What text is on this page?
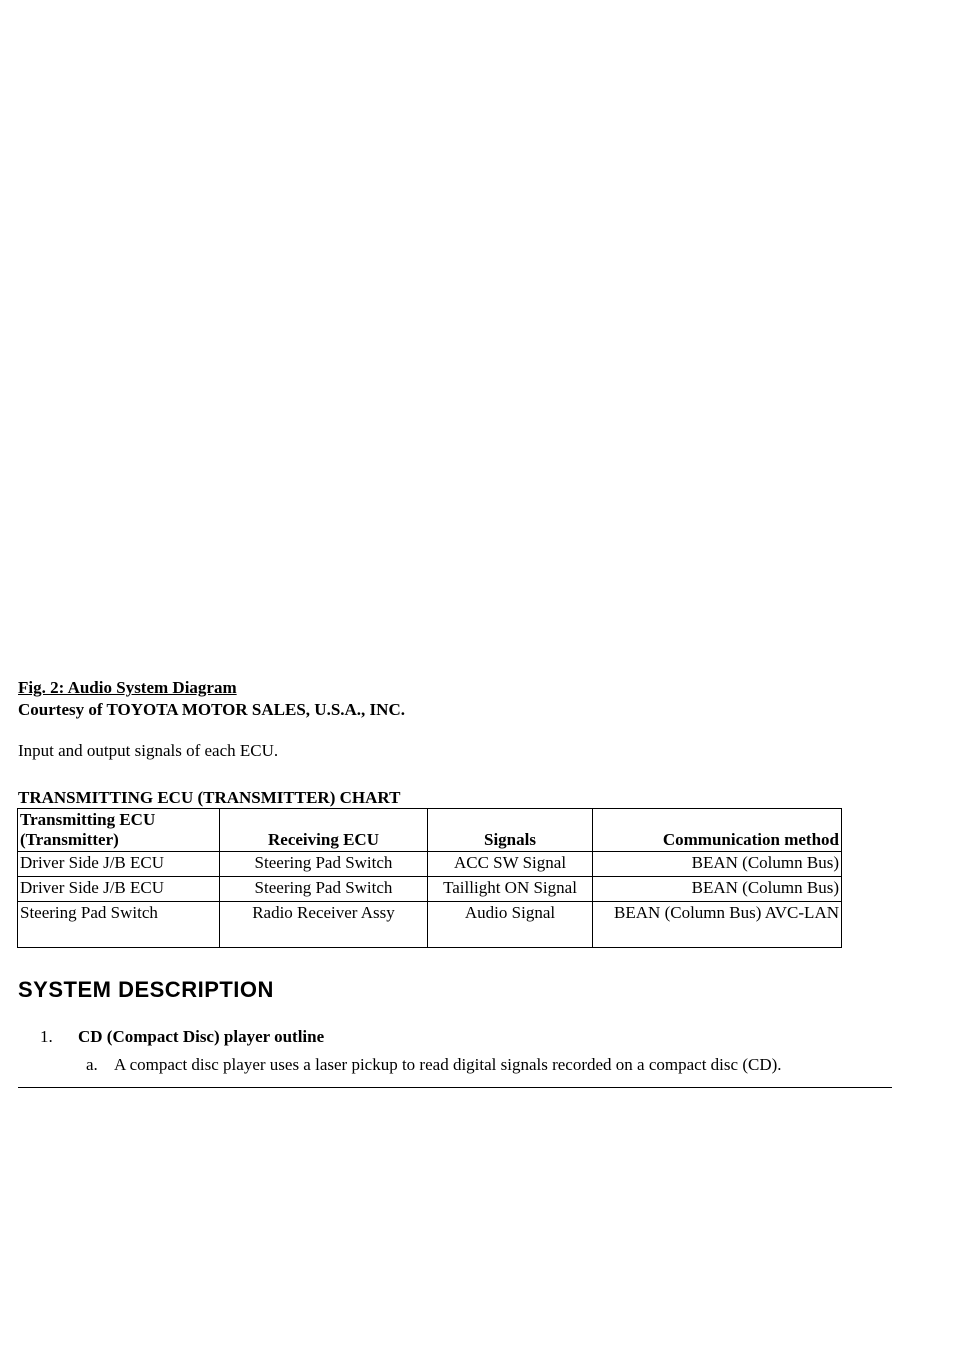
Fig. 2: Audio System Diagram
Courtesy of TOYOTA MOTOR SALES, U.S.A., INC.
Input and output signals of each ECU.
TRANSMITTING ECU (TRANSMITTER) CHART
Transmitting ECU
(Transmitter)	Receiving ECU	Signals	Communication method
Driver Side J/B ECU	Steering Pad Switch	ACC SW Signal	BEAN (Column Bus)
Driver Side J/B ECU	Steering Pad Switch	Taillight ON Signal	BEAN (Column Bus)
Steering Pad Switch	Radio Receiver Assy	Audio Signal	BEAN (Column Bus) AVC-LAN
SYSTEM DESCRIPTION
1. CD (Compact Disc) player outline
a. A compact disc player uses a laser pickup to read digital signals recorded on a compact disc (CD).
